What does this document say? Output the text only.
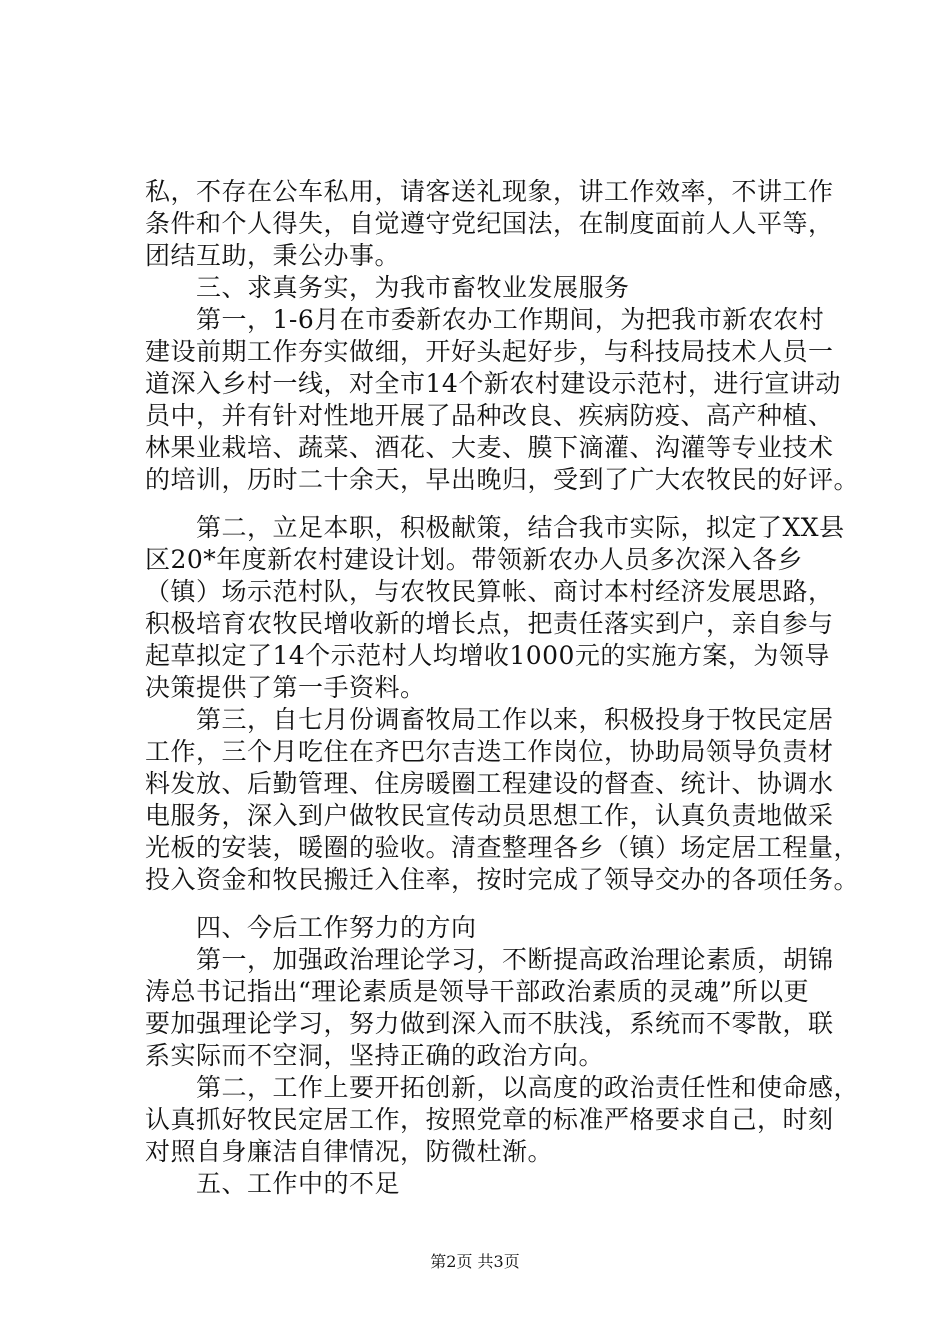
私，不存在公车私用，请客送礼现象，讲工作效率，不讲工作
条件和个人得失，自觉遵守党纪国法，在制度面前人人平等，
团结互助，秉公办事。
　　三、求真务实，为我市畜牧业发展服务
　　第一，1-6月在市委新农办工作期间，为把我市新农农村
建设前期工作夯实做细，开好头起好步，与科技局技术人员一
道深入乡村一线，对全市14个新农村建设示范村，进行宣讲动
员中，并有针对性地开展了品种改良、疾病防疫、高产种植、
林果业栽培、蔬菜、酒花、大麦、膜下滴灌、沟灌等专业技术
的培训，历时二十余天，早出晚归，受到了广大农牧民的好评。
　　第二，立足本职，积极献策，结合我市实际，拟定了XX县
区20*年度新农村建设计划。带领新农办人员多次深入各乡
（镇）场示范村队，与农牧民算帐、商讨本村经济发展思路，
积极培育农牧民增收新的增长点，把责任落实到户，亲自参与
起草拟定了14个示范村人均增收1000元的实施方案，为领导
决策提供了第一手资料。
　　第三，自七月份调畜牧局工作以来，积极投身于牧民定居
工作，三个月吃住在齐巴尔吉迭工作岗位，协助局领导负责材
料发放、后勤管理、住房暖圈工程建设的督查、统计、协调水
电服务，深入到户做牧民宣传动员思想工作，认真负责地做采
光板的安装，暖圈的验收。清查整理各乡（镇）场定居工程量，
投入资金和牧民搬迁入住率，按时完成了领导交办的各项任务。
　　四、今后工作努力的方向
　　第一，加强政治理论学习，不断提高政治理论素质，胡锦
涛总书记指出“理论素质是领导干部政治素质的灵魂”所以更
要加强理论学习，努力做到深入而不肤浅，系统而不零散，联
系实际而不空洞，坚持正确的政治方向。
　　第二，工作上要开拓创新，以高度的政治责任性和使命感，
认真抓好牧民定居工作，按照党章的标准严格要求自己，时刻
对照自身廉洁自律情况，防微杜渐。
　　五、工作中的不足
第2页 共3页
